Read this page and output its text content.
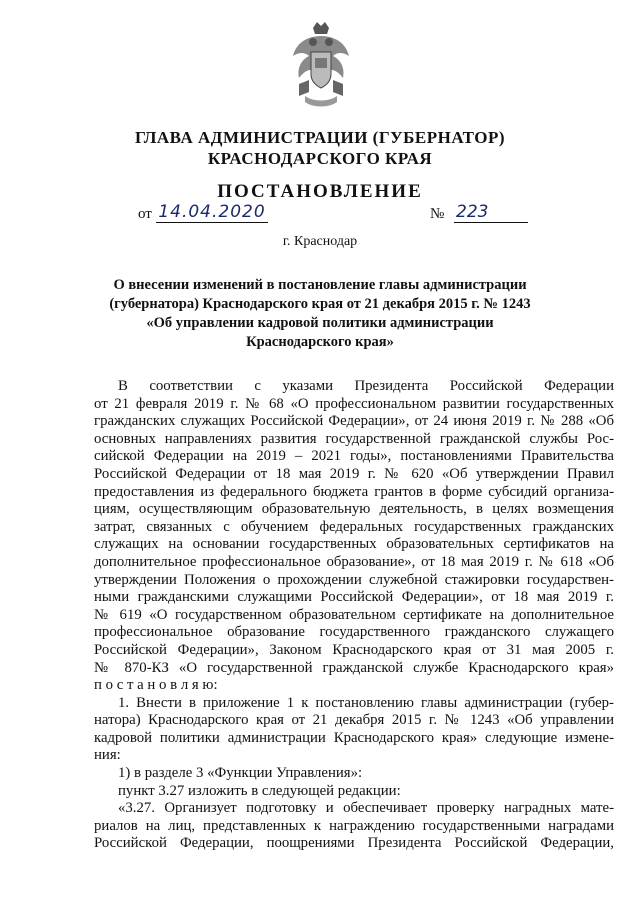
ГЛАВА АДМИНИСТРАЦИИ (ГУБЕРНАТОР)
КРАСНОДАРСКОГО КРАЯ
ПОСТАНОВЛЕНИЕ
от 14.04.2020	№ 223
г. Краснодар
О внесении изменений в постановление главы администрации
(губернатора) Краснодарского края от 21 декабря 2015 г. № 1243
«Об управлении кадровой политики администрации
Краснодарского края»
В соответствии с указами Президента Российской Федерации
от 21 февраля 2019 г. № 68 «О профессиональном развитии государственных
гражданских служащих Российской Федерации», от 24 июня 2019 г. № 288 «Об
основных направлениях развития государственной гражданской службы Рос-
сийской Федерации на 2019 – 2021 годы», постановлениями Правительства
Российской Федерации от 18 мая 2019 г. № 620 «Об утверждении Правил
предоставления из федерального бюджета грантов в форме субсидий организа-
циям, осуществляющим образовательную деятельность, в целях возмещения
затрат, связанных с обучением федеральных государственных гражданских
служащих на основании государственных образовательных сертификатов на
дополнительное профессиональное образование», от 18 мая 2019 г. № 618 «Об
утверждении Положения о прохождении служебной стажировки государствен-
ными гражданскими служащими Российской Федерации», от 18 мая 2019 г.
№ 619 «О государственном образовательном сертификате на дополнительное
профессиональное образование государственного гражданского служащего
Российской Федерации», Законом Краснодарского края от 31 мая 2005 г.
№ 870-КЗ «О государственной гражданской службе Краснодарского края»
п о с т а н о в л я ю:
1. Внести в приложение 1 к постановлению главы администрации (губер-
натора) Краснодарского края от 21 декабря 2015 г. № 1243 «Об управлении
кадровой политики администрации Краснодарского края» следующие измене-
ния:
1) в разделе 3 «Функции Управления»:
пункт 3.27 изложить в следующей редакции:
«3.27. Организует подготовку и обеспечивает проверку наградных мате-
риалов на лиц, представленных к награждению государственными наградами
Российской Федерации, поощрениями Президента Российской Федерации,
